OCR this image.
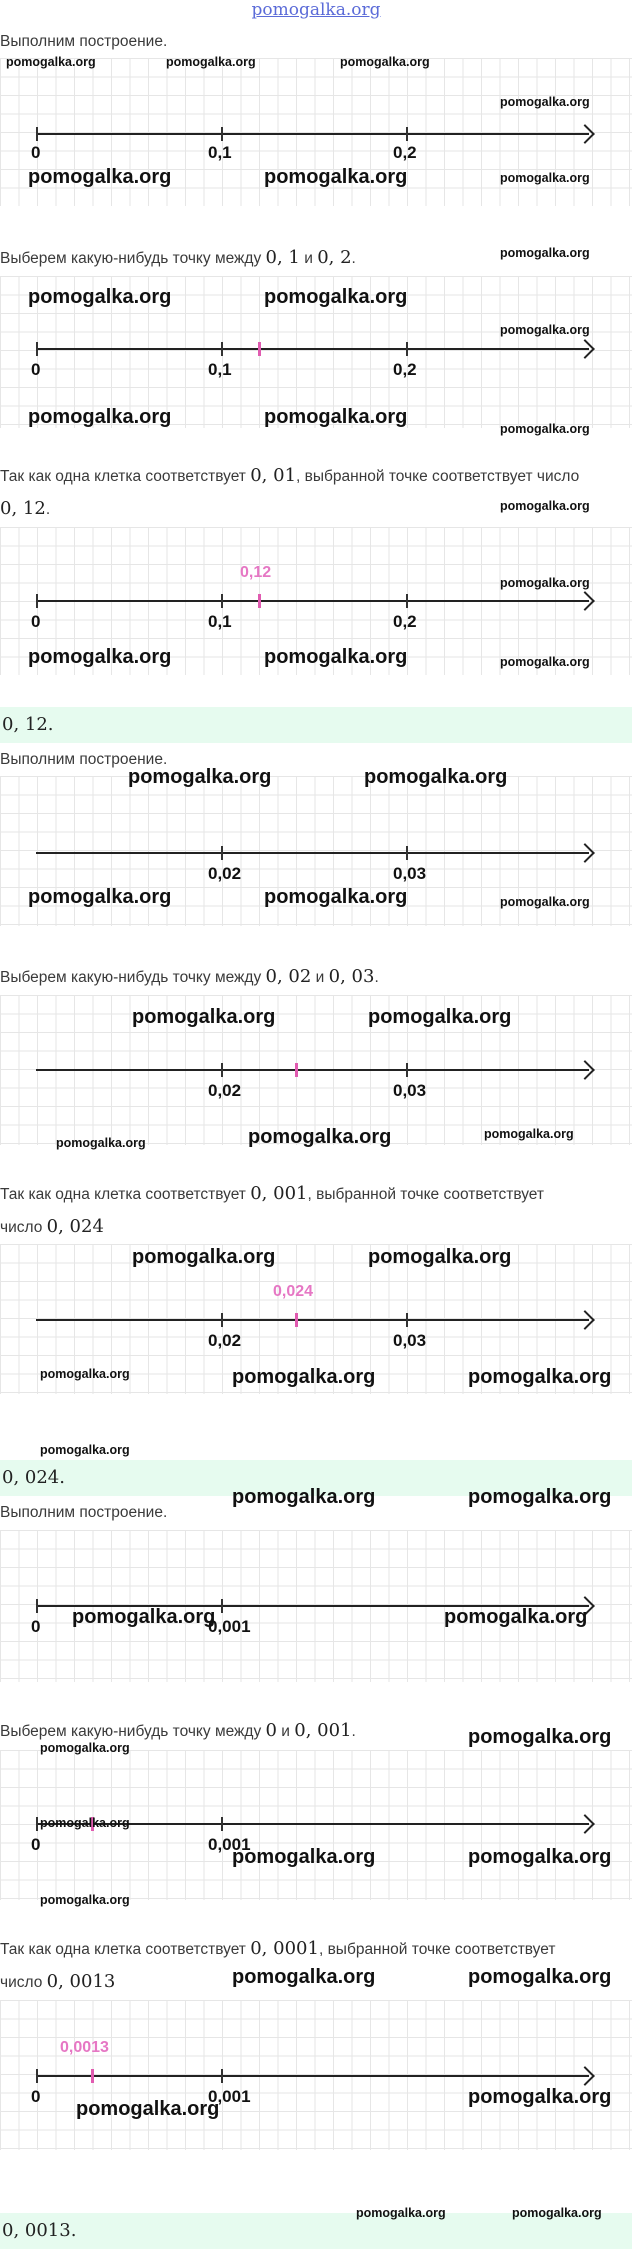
pomogalka.org
Выполним построение.
0	0,1	0,2
Выберем какую-нибудь точку между 0, 1 и 0, 2.
0	0,1	0,2
Так как одна клетка соответствует 0, 01, выбранной точке соответствует число
0, 12.
0,12
0	0,1	0,2
0, 12.
Выполним построение.
0,02	0,03
Выберем какую-нибудь точку между 0, 02 и 0, 03.
0,02	0,03
Так как одна клетка соответствует 0, 001, выбранной точке соответствует
число 0, 024
0,024
0,02	0,03
0, 024.
Выполним построение.
0	0,001
Выберем какую-нибудь точку между 0 и 0, 001.
0	0,001
Так как одна клетка соответствует 0, 0001, выбранной точке соответствует
число 0, 0013
0,0013
0	0,001
0, 0013.
pomogalka.org	pomogalka.org	pomogalka.org
pomogalka.org
pomogalka.org	pomogalka.org	pomogalka.org
pomogalka.org
pomogalka.org	pomogalka.org
pomogalka.org
pomogalka.org	pomogalka.org
pomogalka.org
pomogalka.org
pomogalka.org
pomogalka.org	pomogalka.org	pomogalka.org
pomogalka.org	pomogalka.org
pomogalka.org	pomogalka.org	pomogalka.org
pomogalka.org	pomogalka.org
pomogalka.org	pomogalka.org	pomogalka.org
pomogalka.org	pomogalka.org
pomogalka.org	pomogalka.org	pomogalka.org
pomogalka.org
pomogalka.org	pomogalka.org
pomogalka.org	pomogalka.org
pomogalka.org	pomogalka.org
pomogalka.org
pomogalka.org	pomogalka.org
pomogalka.org
pomogalka.org	pomogalka.org
pomogalka.org
pomogalka.org
pomogalka.org	pomogalka.org
